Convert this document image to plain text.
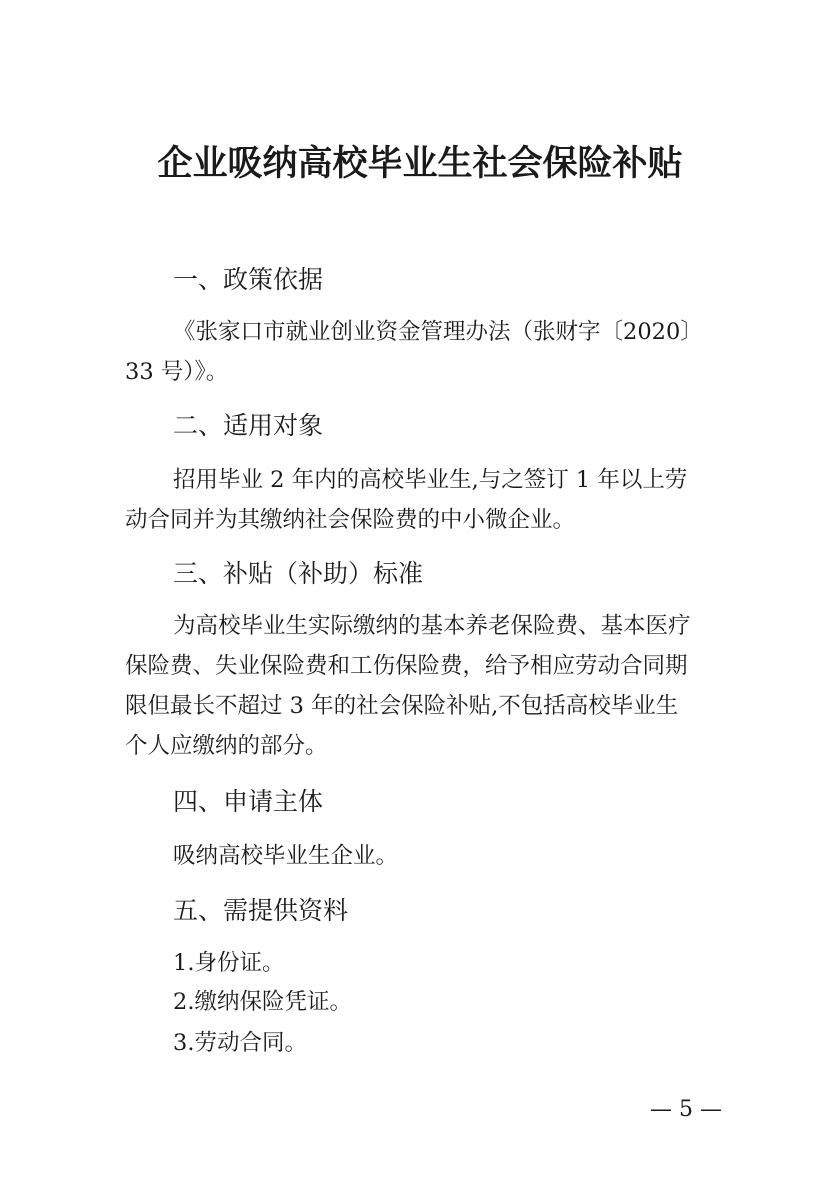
企业吸纳高校毕业生社会保险补贴
一、政策依据
《张家口市就业创业资金管理办法（张财字〔2020〕
33 号）》。
二、适用对象
招用毕业 2 年内的高校毕业生,与之签订 1 年以上劳
动合同并为其缴纳社会保险费的中小微企业。
三、补贴（补助）标准
为高校毕业生实际缴纳的基本养老保险费、基本医疗
保险费、失业保险费和工伤保险费，给予相应劳动合同期
限但最长不超过 3 年的社会保险补贴,不包括高校毕业生
个人应缴纳的部分。
四、申请主体
吸纳高校毕业生企业。
五、需提供资料
1.身份证。
2.缴纳保险凭证。
3.劳动合同。
— 5 —
